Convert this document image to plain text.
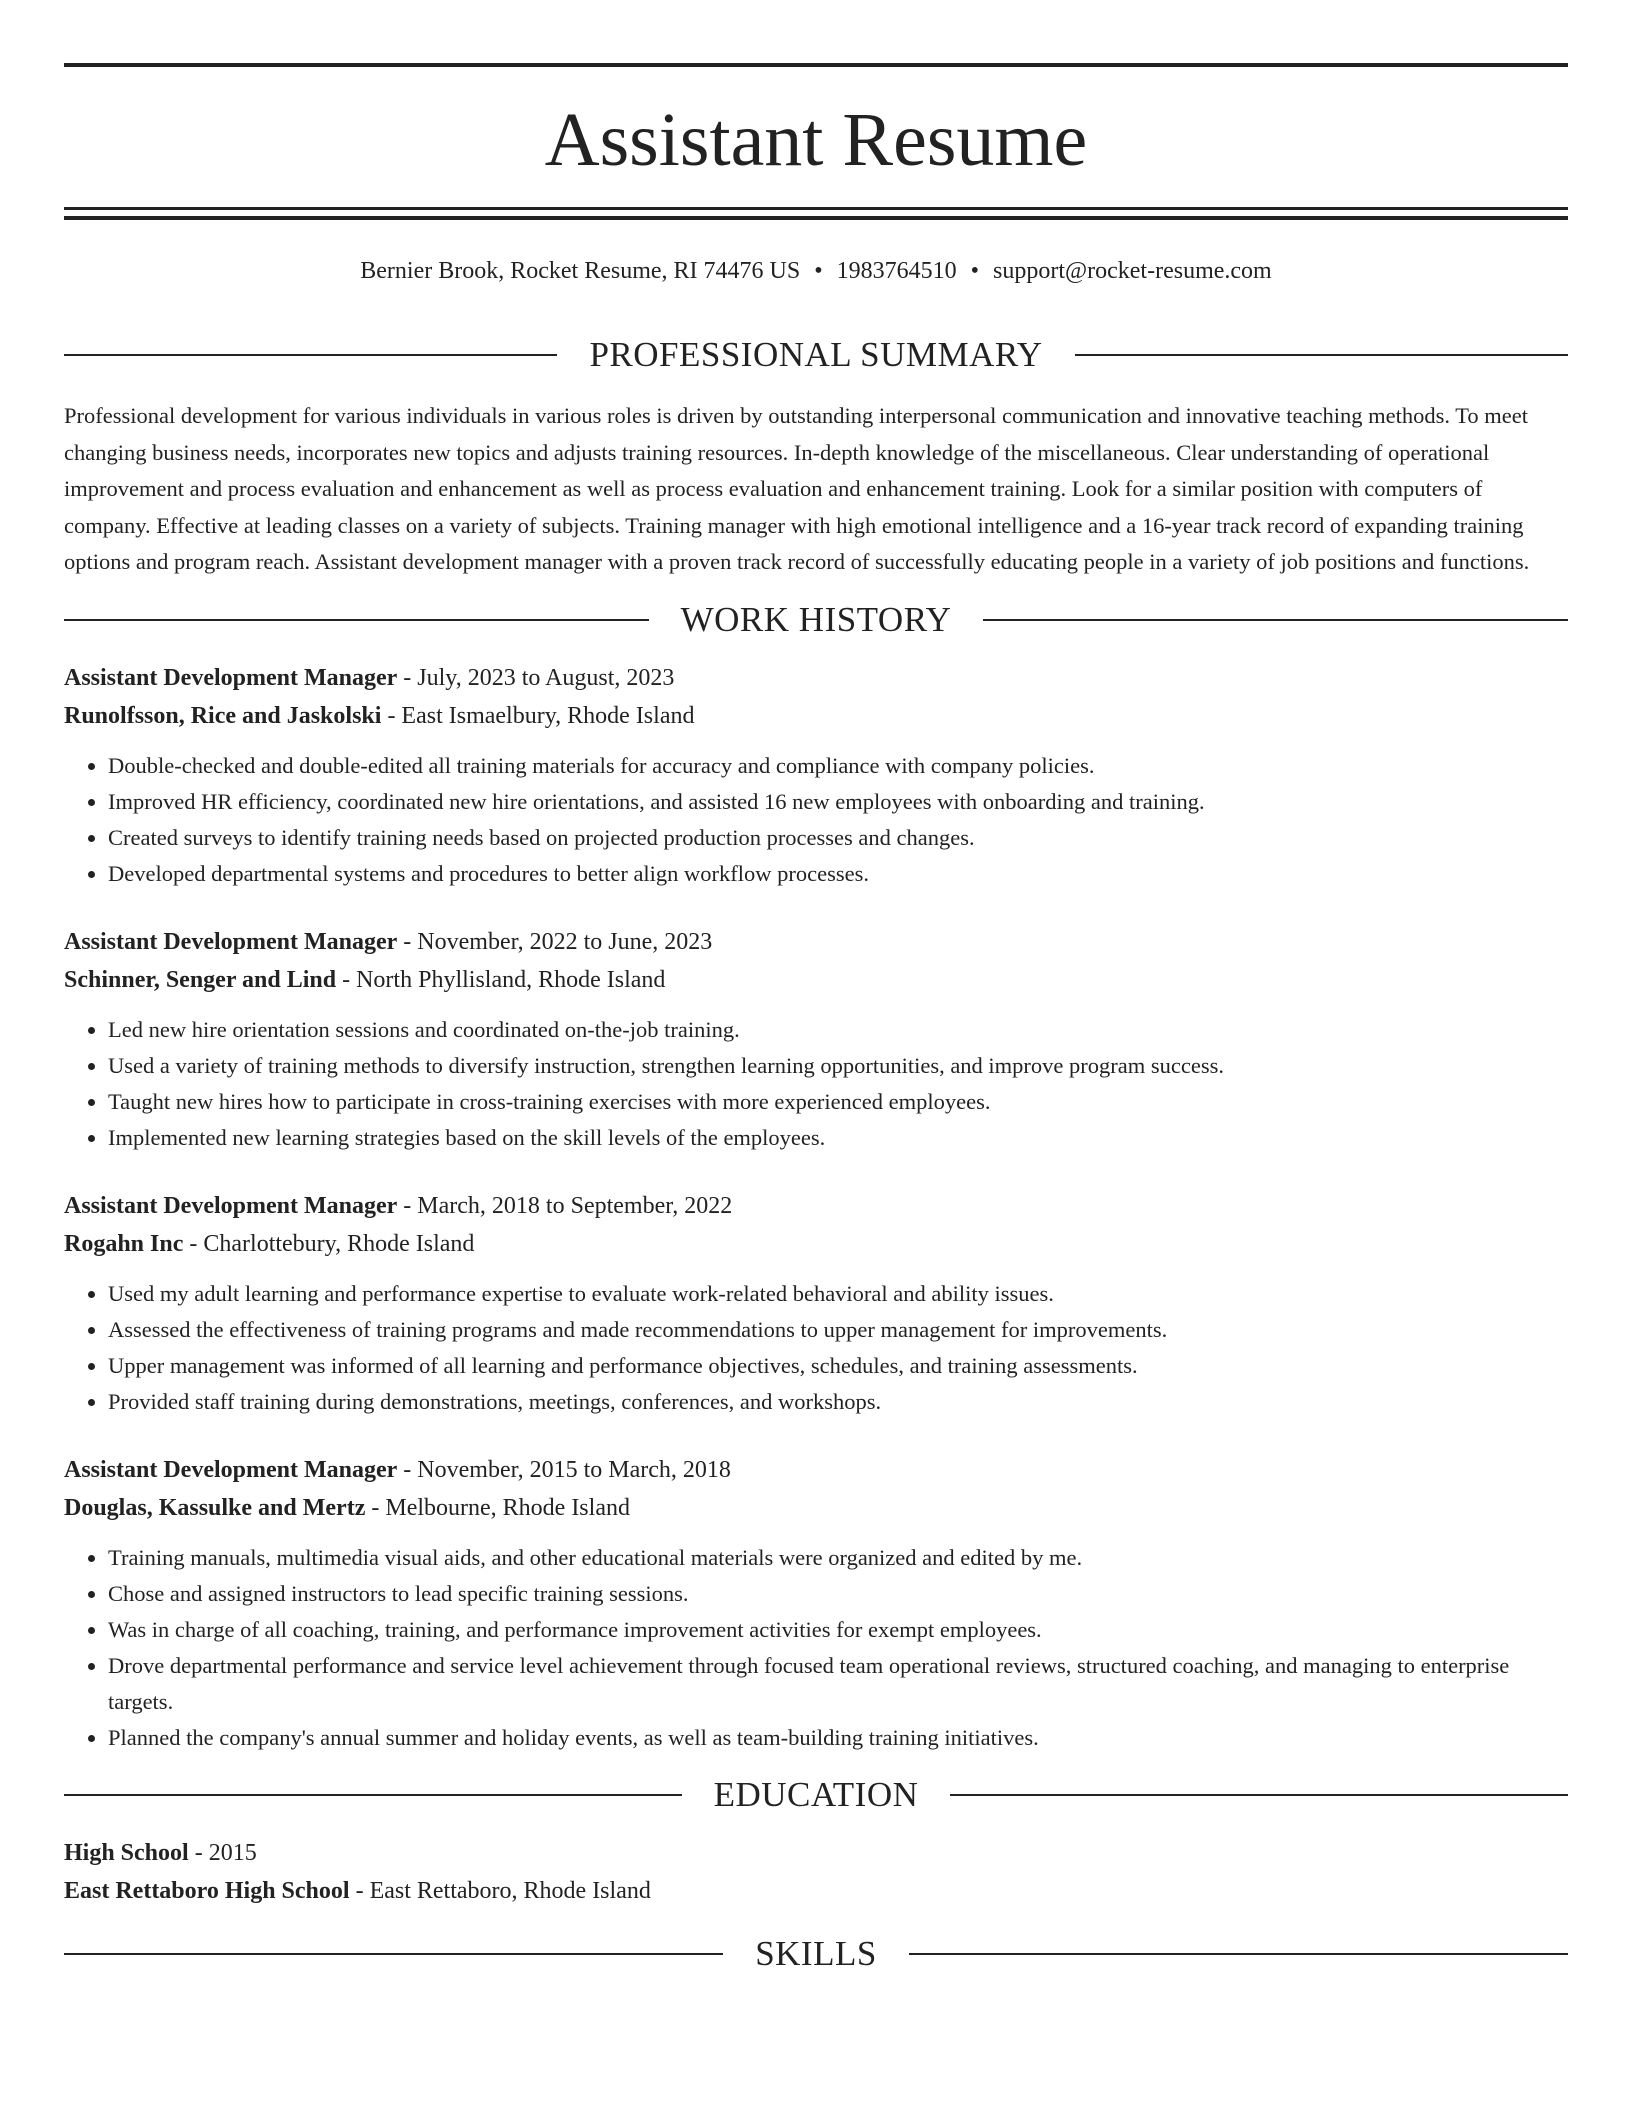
Assistant Resume
Bernier Brook, Rocket Resume, RI 74476 US • 1983764510 • support@rocket-resume.com
PROFESSIONAL SUMMARY

Professional development for various individuals in various roles is driven by outstanding interpersonal communication and innovative teaching methods. To meet changing business needs, incorporates new topics and adjusts training resources. In-depth knowledge of the miscellaneous. Clear understanding of operational improvement and process evaluation and enhancement as well as process evaluation and enhancement training. Look for a similar position with computers of company. Effective at leading classes on a variety of subjects. Training manager with high emotional intelligence and a 16-year track record of expanding training options and program reach. Assistant development manager with a proven track record of successfully educating people in a variety of job positions and functions.

WORK HISTORY
Assistant Development Manager - July, 2023 to August, 2023
Runolfsson, Rice and Jaskolski - East Ismaelbury, Rhode Island
• Double-checked and double-edited all training materials for accuracy and compliance with company policies.
• Improved HR efficiency, coordinated new hire orientations, and assisted 16 new employees with onboarding and training.
• Created surveys to identify training needs based on projected production processes and changes.
• Developed departmental systems and procedures to better align workflow processes.
Assistant Development Manager - November, 2022 to June, 2023
Schinner, Senger and Lind - North Phyllisland, Rhode Island
• Led new hire orientation sessions and coordinated on-the-job training.
• Used a variety of training methods to diversify instruction, strengthen learning opportunities, and improve program success.
• Taught new hires how to participate in cross-training exercises with more experienced employees.
• Implemented new learning strategies based on the skill levels of the employees.
Assistant Development Manager - March, 2018 to September, 2022
Rogahn Inc - Charlottebury, Rhode Island
• Used my adult learning and performance expertise to evaluate work-related behavioral and ability issues.
• Assessed the effectiveness of training programs and made recommendations to upper management for improvements.
• Upper management was informed of all learning and performance objectives, schedules, and training assessments.
• Provided staff training during demonstrations, meetings, conferences, and workshops.
Assistant Development Manager - November, 2015 to March, 2018
Douglas, Kassulke and Mertz - Melbourne, Rhode Island
• Training manuals, multimedia visual aids, and other educational materials were organized and edited by me.
• Chose and assigned instructors to lead specific training sessions.
• Was in charge of all coaching, training, and performance improvement activities for exempt employees.
• Drove departmental performance and service level achievement through focused team operational reviews, structured coaching, and managing to enterprise targets.
• Planned the company's annual summer and holiday events, as well as team-building training initiatives.
EDUCATION
High School - 2015
East Rettaboro High School - East Rettaboro, Rhode Island
SKILLS
